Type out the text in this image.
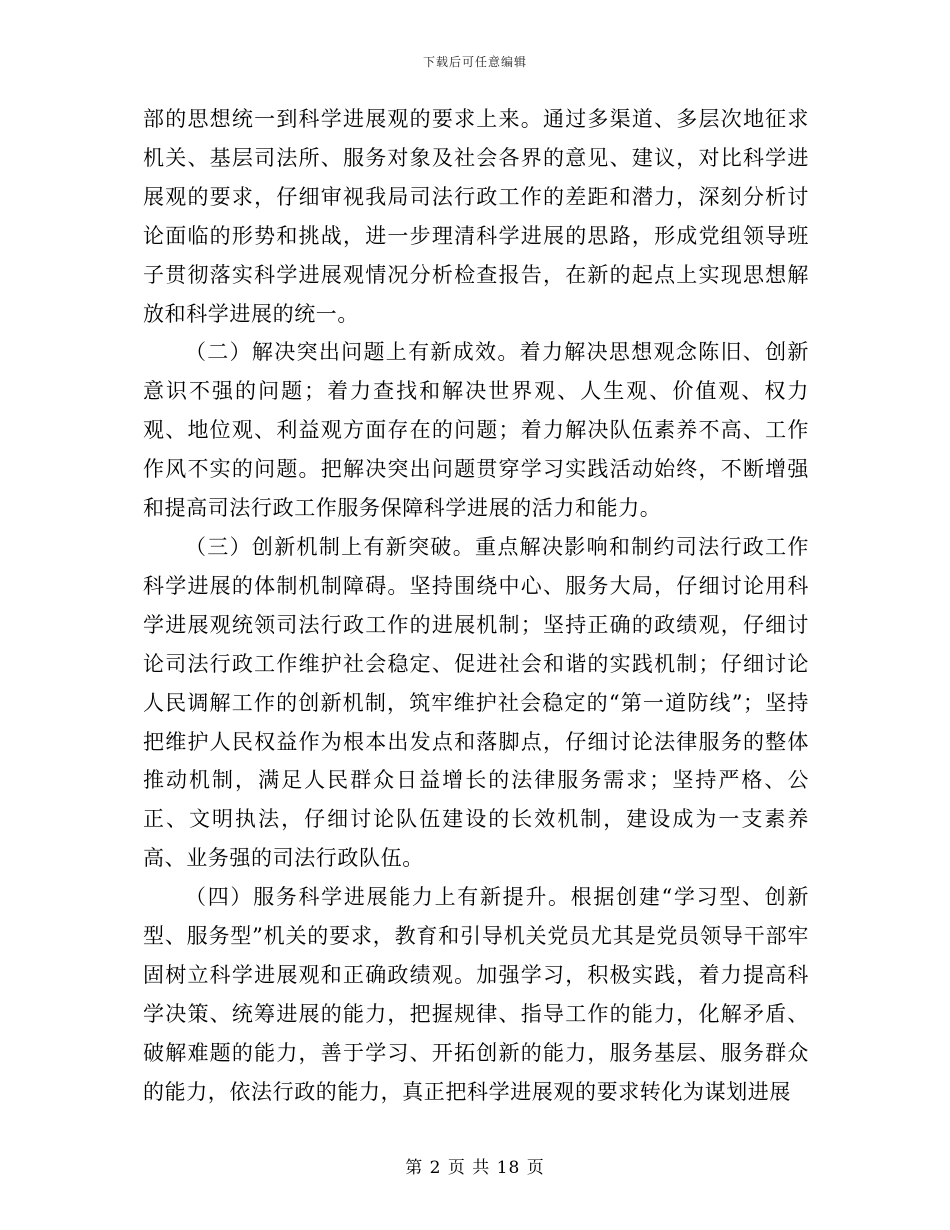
下载后可任意编辑

部的思想统一到科学进展观的要求上来。通过多渠道、多层次地征求机关、基层司法所、服务对象及社会各界的意见、建议，对比科学进展观的要求，仔细审视我局司法行政工作的差距和潜力，深刻分析讨论面临的形势和挑战，进一步理清科学进展的思路，形成党组领导班子贯彻落实科学进展观情况分析检查报告，在新的起点上实现思想解放和科学进展的统一。

（二）解决突出问题上有新成效。着力解决思想观念陈旧、创新意识不强的问题；着力查找和解决世界观、人生观、价值观、权力观、地位观、利益观方面存在的问题；着力解决队伍素养不高、工作作风不实的问题。把解决突出问题贯穿学习实践活动始终，不断增强和提高司法行政工作服务保障科学进展的活力和能力。

（三）创新机制上有新突破。重点解决影响和制约司法行政工作科学进展的体制机制障碍。坚持围绕中心、服务大局，仔细讨论用科学进展观统领司法行政工作的进展机制；坚持正确的政绩观，仔细讨论司法行政工作维护社会稳定、促进社会和谐的实践机制；仔细讨论人民调解工作的创新机制，筑牢维护社会稳定的“第一道防线”；坚持把维护人民权益作为根本出发点和落脚点，仔细讨论法律服务的整体推动机制，满足人民群众日益增长的法律服务需求；坚持严格、公正、文明执法，仔细讨论队伍建设的长效机制，建设成为一支素养高、业务强的司法行政队伍。

（四）服务科学进展能力上有新提升。根据创建“学习型、创新型、服务型”机关的要求，教育和引导机关党员尤其是党员领导干部牢固树立科学进展观和正确政绩观。加强学习，积极实践，着力提高科学决策、统筹进展的能力，把握规律、指导工作的能力，化解矛盾、破解难题的能力，善于学习、开拓创新的能力，服务基层、服务群众的能力，依法行政的能力，真正把科学进展观的要求转化为谋划进展

第 2 页 共 18 页
